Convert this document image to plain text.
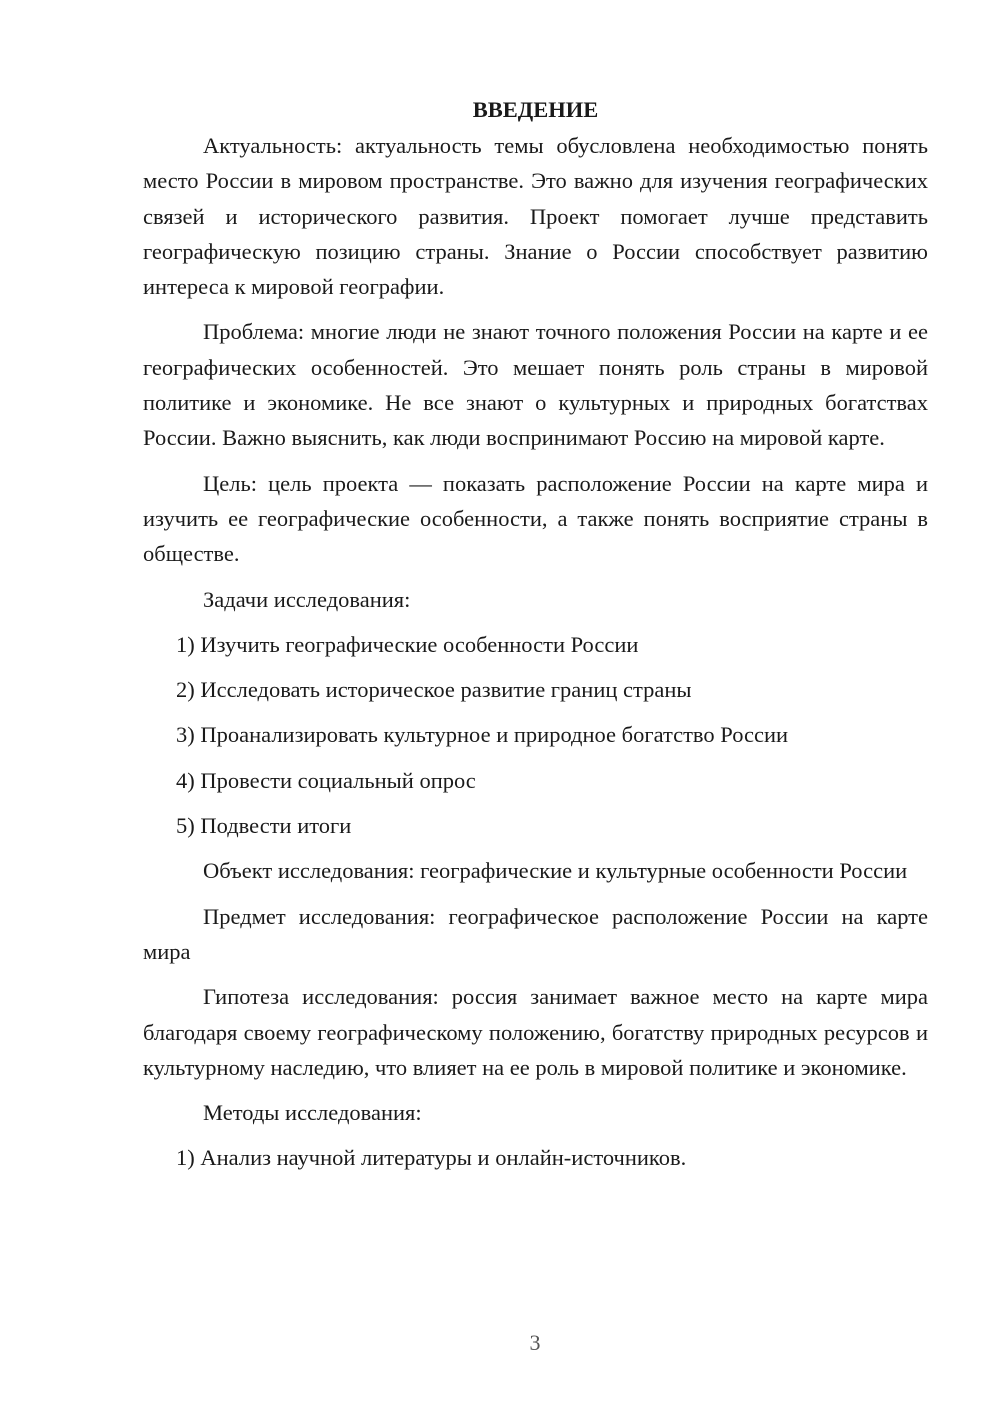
ВВЕДЕНИЕ

Актуальность: актуальность темы обусловлена необходимостью понять место России в мировом пространстве. Это важно для изучения географических связей и исторического развития. Проект помогает лучше представить географическую позицию страны. Знание о России способствует развитию интереса к мировой географии.

Проблема: многие люди не знают точного положения России на карте и ее географических особенностей. Это мешает понять роль страны в мировой политике и экономике. Не все знают о культурных и природных богатствах России. Важно выяснить, как люди воспринимают Россию на мировой карте.

Цель: цель проекта — показать расположение России на карте мира и изучить ее географические особенности, а также понять восприятие страны в обществе.

Задачи исследования:

1) Изучить географические особенности России
2) Исследовать историческое развитие границ страны
3) Проанализировать культурное и природное богатство России
4) Провести социальный опрос
5) Подвести итоги

Объект исследования: географические и культурные особенности России

Предмет исследования: географическое расположение России на карте мира

Гипотеза исследования: россия занимает важное место на карте мира благодаря своему географическому положению, богатству природных ресурсов и культурному наследию, что влияет на ее роль в мировой политике и экономике.

Методы исследования:

1) Анализ научной литературы и онлайн-источников.
3
